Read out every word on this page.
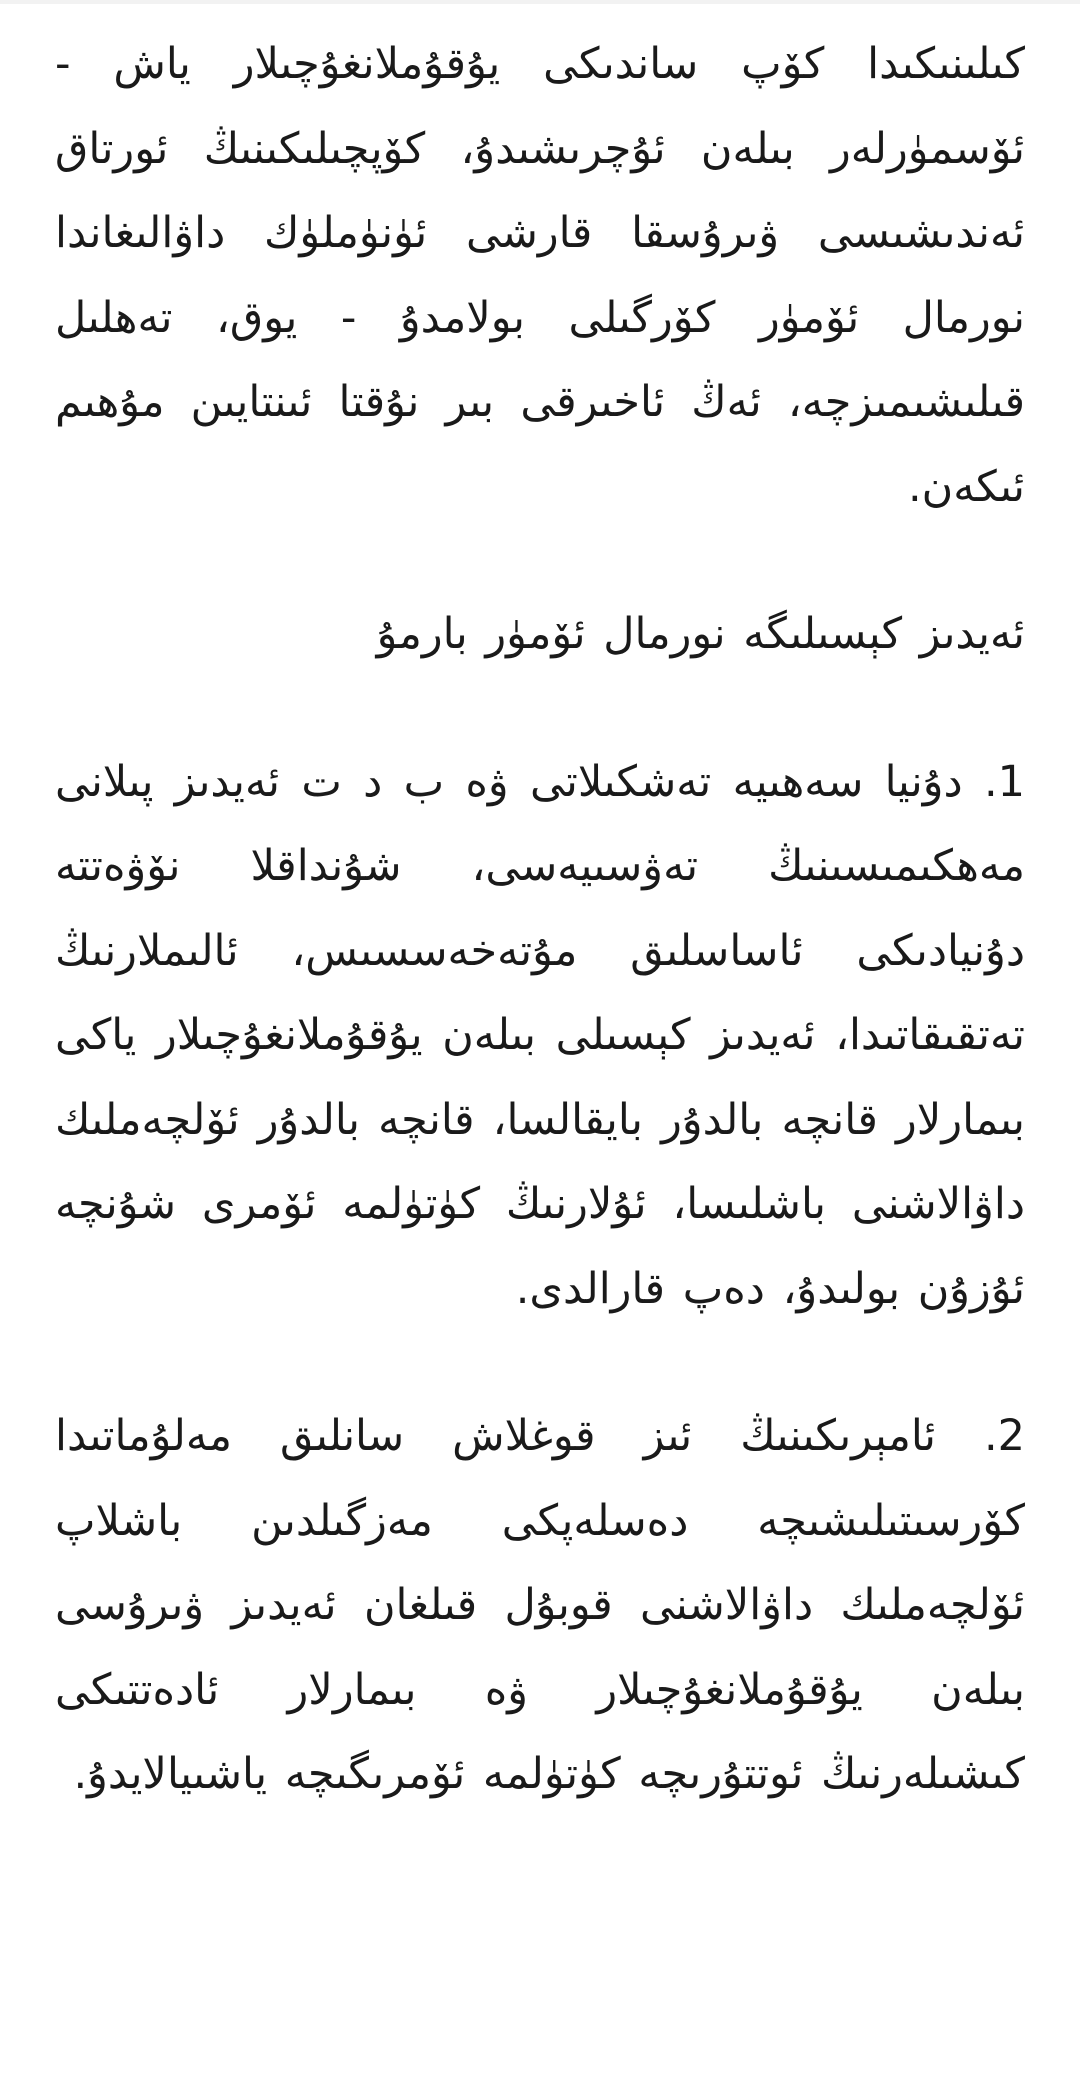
كىلىنىكىدا كۆپ ساندىكى يۇقۇملانغۇچىلار ياش - ئۆسمۈرلەر بىلەن ئۇچرىشىدۇ، كۆپچىلىكىنىڭ ئورتاق ئەندىشىسى ۋىرۇسقا قارشى ئۈنۈملۈك داۋالىغاندا نورمال ئۆمۈر كۆرگىلى بولامدۇ - يوق، تەھلىل قىلىشىمىزچە، ئەڭ ئاخىرقى بىر نۇقتا ئىنتايىن مۇھىم ئىكەن.

ئەيدىز كېسىلىگە نورمال ئۆمۈر بارمۇ

1. دۇنيا سەھىيە تەشكىلاتى ۋە ب د ت ئەيدىز پىلانى مەھكىمىسىنىڭ تەۋسىيەسى، شۇنداقلا نۆۋەتتە دۇنيادىكى ئاساسلىق مۇتەخەسسىس، ئالىملارنىڭ تەتقىقاتىدا، ئەيدىز كېسىلى بىلەن يۇقۇملانغۇچىلار ياكى بىمارلار قانچە بالدۇر بايقالسا، قانچە بالدۇر ئۆلچەملىك داۋالاشنى باشلىسا، ئۇلارنىڭ كۈتۈلمە ئۆمرى شۇنچە ئۇزۇن بولىدۇ، دەپ قارالدى.

2. ئامېرىكىنىڭ ئىز قوغلاش سانلىق مەلۇماتىدا كۆرسىتىلىشىچە دەسلەپكى مەزگىلدىن باشلاپ ئۆلچەملىك داۋالاشنى قوبۇل قىلغان ئەيدىز ۋىرۇسى بىلەن يۇقۇملانغۇچىلار ۋە بىمارلار ئادەتتىكى كىشىلەرنىڭ ئوتتۇرىچە كۈتۈلمە ئۆمرىگىچە ياشىيالايدۇ.
